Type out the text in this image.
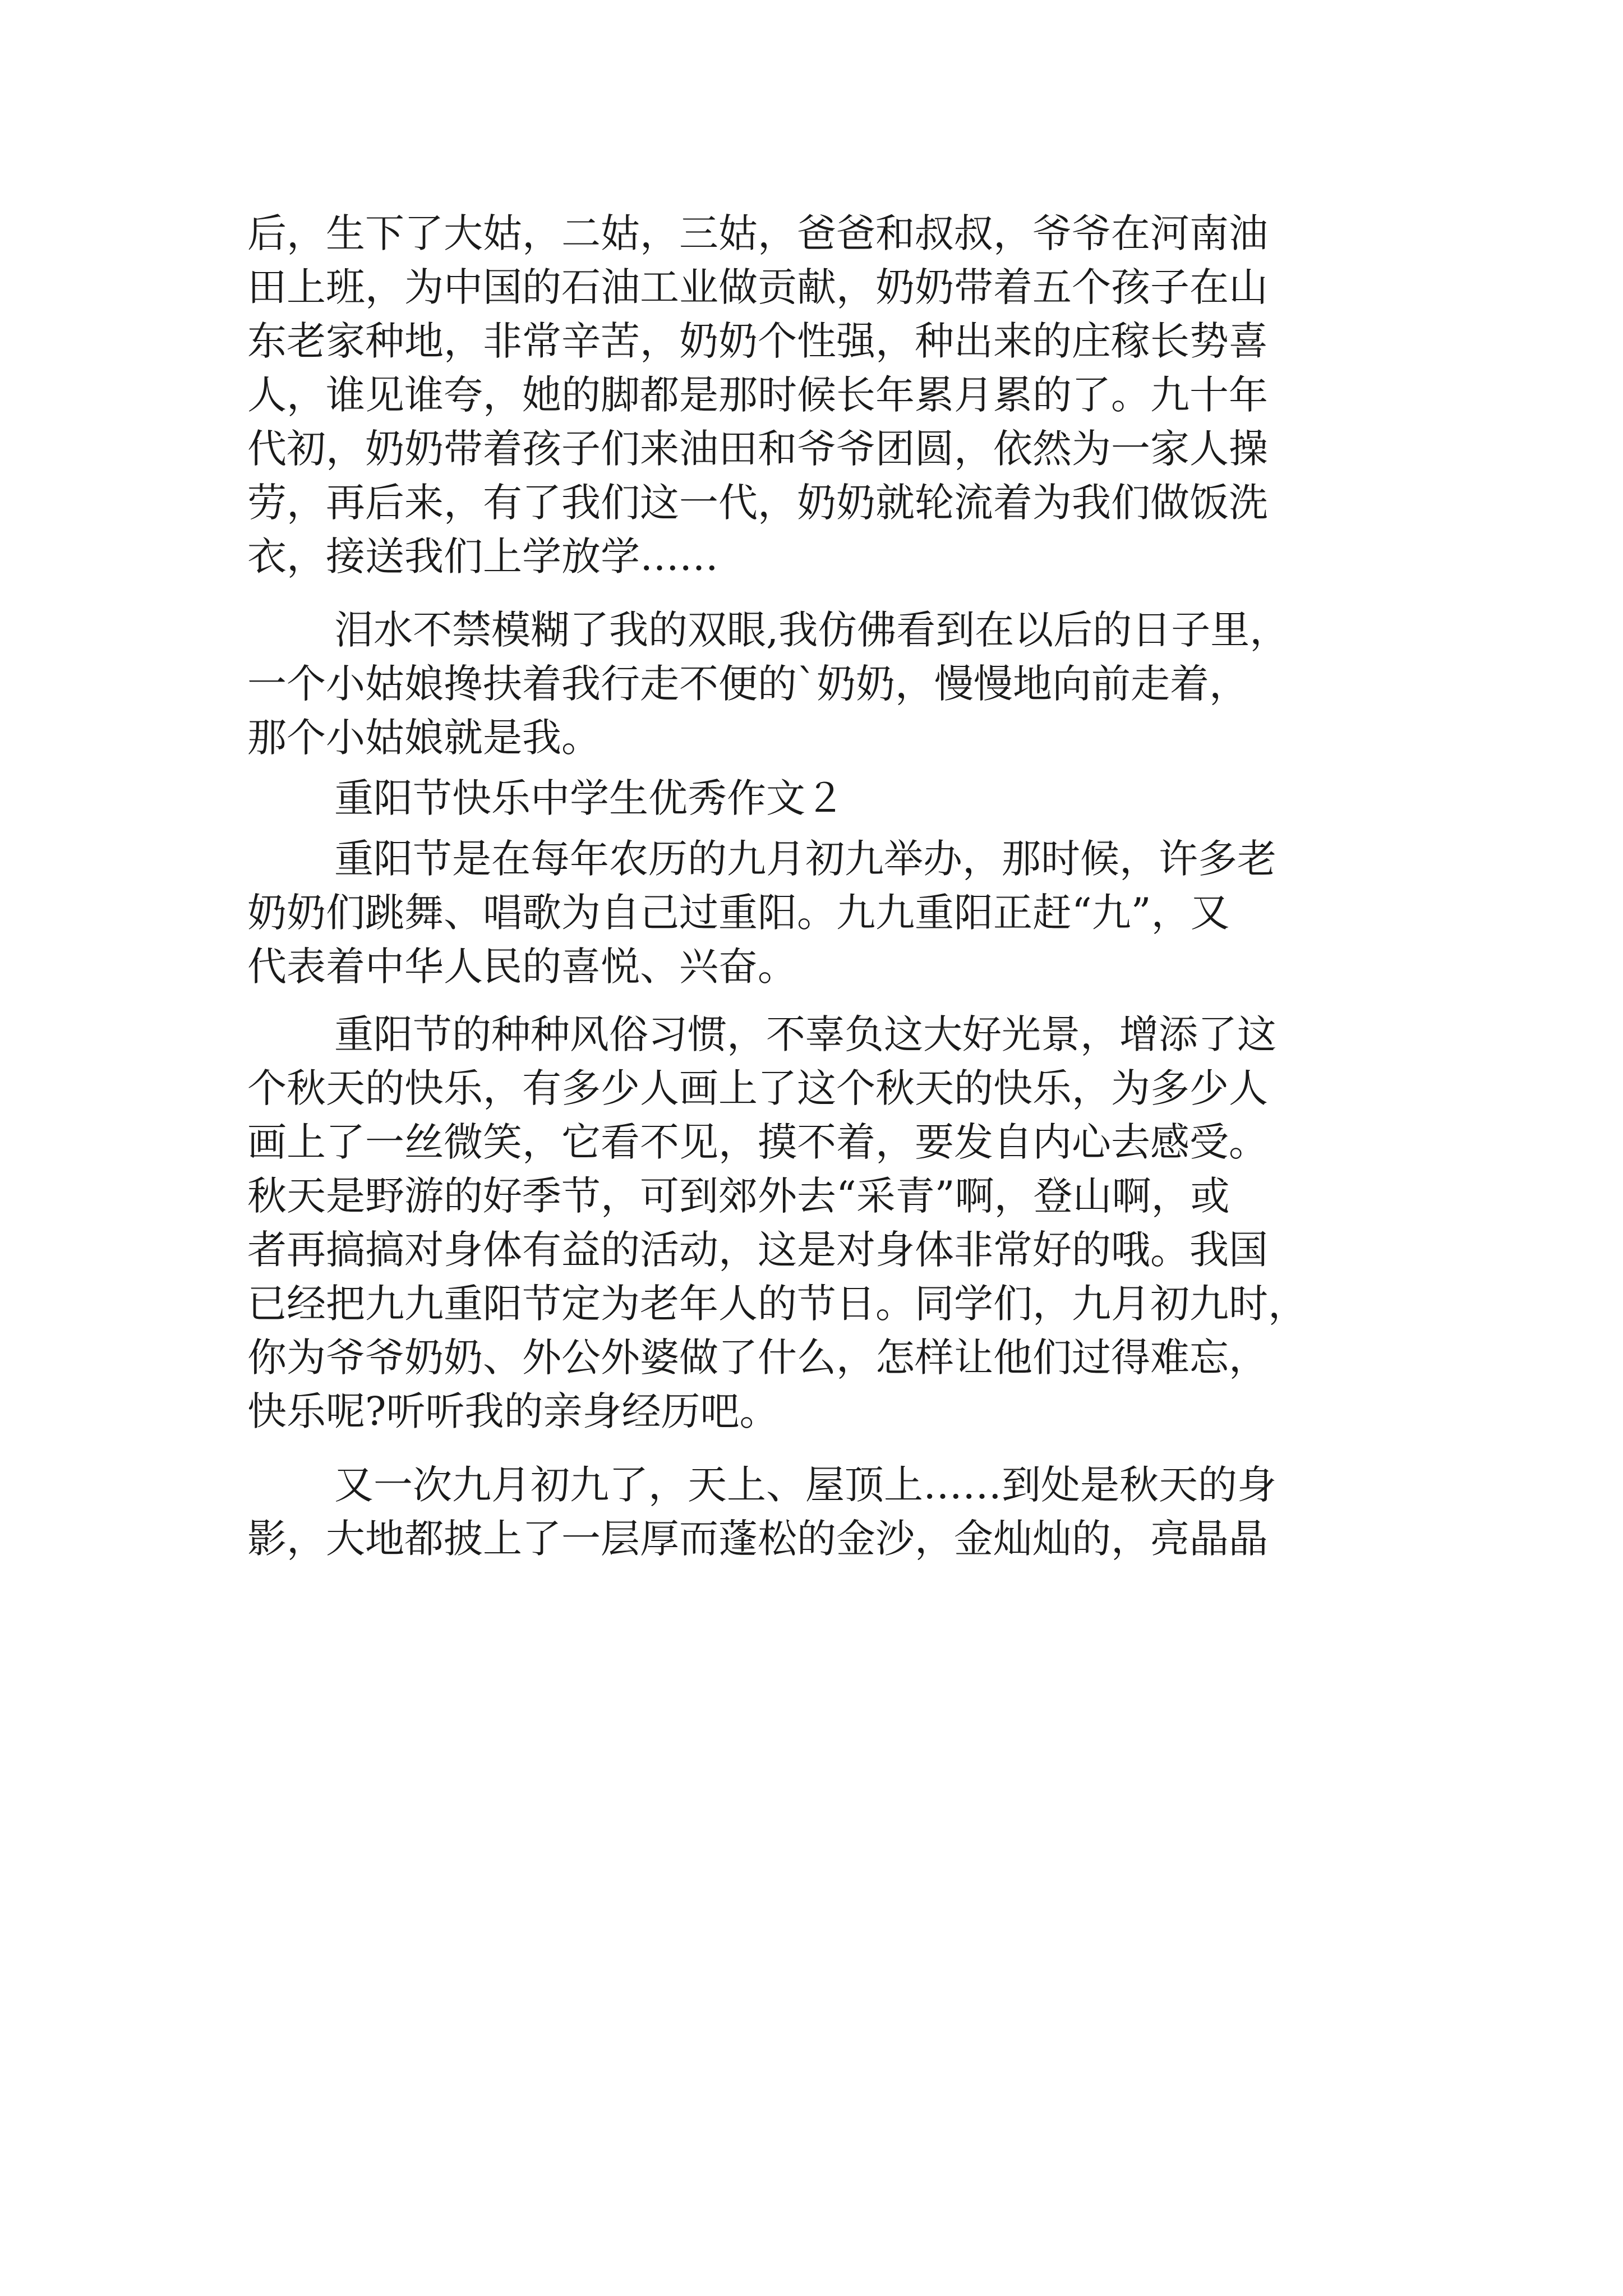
后，生下了大姑，二姑，三姑，爸爸和叔叔，爷爷在河南油
田上班，为中国的石油工业做贡献，奶奶带着五个孩子在山
东老家种地，非常辛苦，奶奶个性强，种出来的庄稼长势喜
人，谁见谁夸，她的脚都是那时候长年累月累的了。九十年
代初，奶奶带着孩子们来油田和爷爷团圆，依然为一家人操
劳，再后来，有了我们这一代，奶奶就轮流着为我们做饭洗
衣，接送我们上学放学……
泪水不禁模糊了我的双眼,我仿佛看到在以后的日子里，
一个小姑娘搀扶着我行走不便的`奶奶，慢慢地向前走着，
那个小姑娘就是我。
重阳节快乐中学生优秀作文２
重阳节是在每年农历的九月初九举办，那时候，许多老
奶奶们跳舞、唱歌为自己过重阳。九九重阳正赶“九”，又
代表着中华人民的喜悦、兴奋。
重阳节的种种风俗习惯，不辜负这大好光景，增添了这
个秋天的快乐，有多少人画上了这个秋天的快乐，为多少人
画上了一丝微笑，它看不见，摸不着，要发自内心去感受。
秋天是野游的好季节，可到郊外去“采青”啊，登山啊，或
者再搞搞对身体有益的活动，这是对身体非常好的哦。我国
已经把九九重阳节定为老年人的节日。同学们，九月初九时，
你为爷爷奶奶、外公外婆做了什么，怎样让他们过得难忘，
快乐呢?听听我的亲身经历吧。
又一次九月初九了，天上、屋顶上……到处是秋天的身
影，大地都披上了一层厚而蓬松的金沙，金灿灿的，亮晶晶
